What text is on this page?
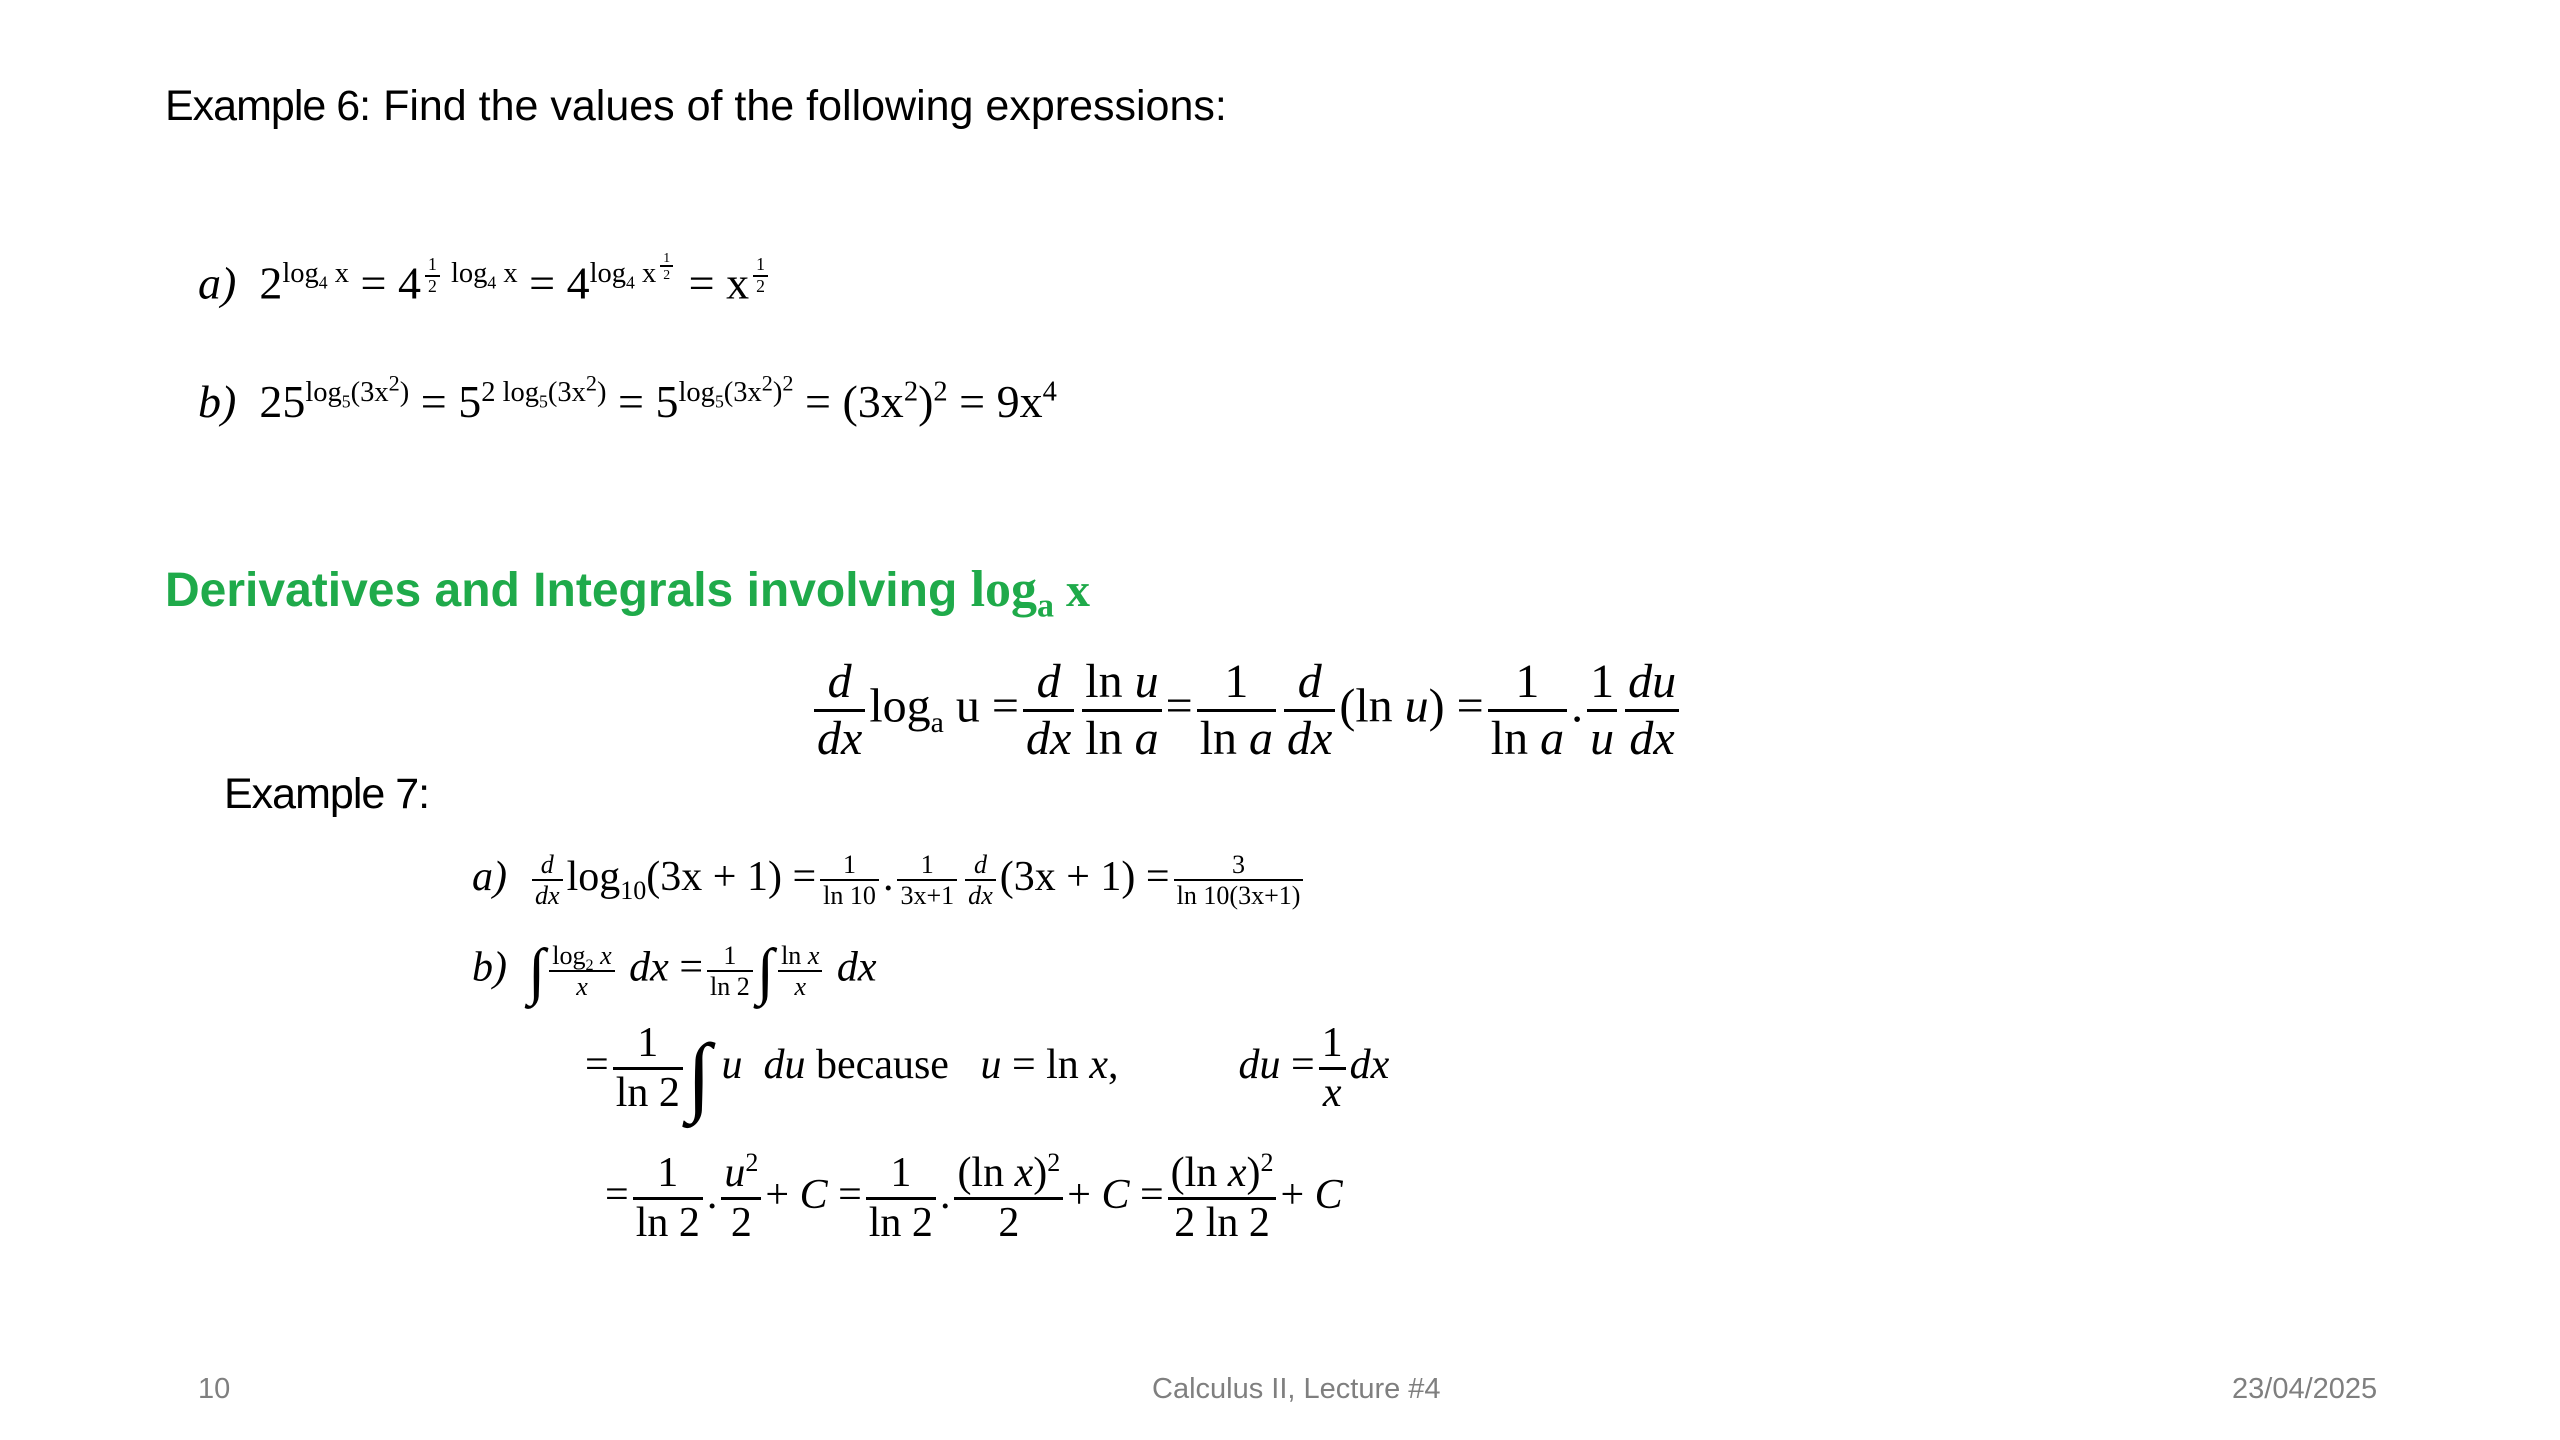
Example 6: Find the values of the following expressions:
a)  $2^{log_4 x} = 4$ $^{\frac{1}{2} log_4 x} = 4^{log_4 x ^{\frac{1}{2}}} = x$ $^{\frac{1}{2}}$
b)  $25^{log_5(3x^2)} = 5^{2 log_5(3x^2)} = 5^{log_5(3x^2)^2} = (3x^2)^2 = 9x^4$
Derivatives and Integrals involving $\log_a x$
$\frac{d}{dx} \log_a u = \frac{d}{dx} \frac{\text{ln u}}{\text{ln a}} = \frac{1}{\text{ln a}} \frac{d}{dx} (\ln$ $u) = \frac{1}{\text{ln a}}$ . $\frac{1}{u} \frac{du}{dx}$
Example 7:
$a) \frac{d}{dx} \log_{10}(3x + 1) = \frac{1}{\ln 10}$ . $\frac{1}{3x+1} \frac{d}{dx} (3x + 1) = \frac{3}{\ln 10(3x+1)}$
b) ∫ $\frac{\log_2 x}{x}$ dx = $\frac{1}{\ln 2}$ ∫ $\frac{\text{ln x}}{x}$ dx
= $\frac{1}{\ln 2}$ ∫ u du because u = ln x,	du = $\frac{1}{x}$ dx
= $\frac{1}{\ln 2}$ . $\frac{u^2}{2} + C = \frac{1}{\ln 2}$ . $\frac{(\ln x)^2}{2} + C = \frac{(\ln x)^2}{2 \ln 2} + C$
10	Calculus II, Lecture #4	23/04/2025
